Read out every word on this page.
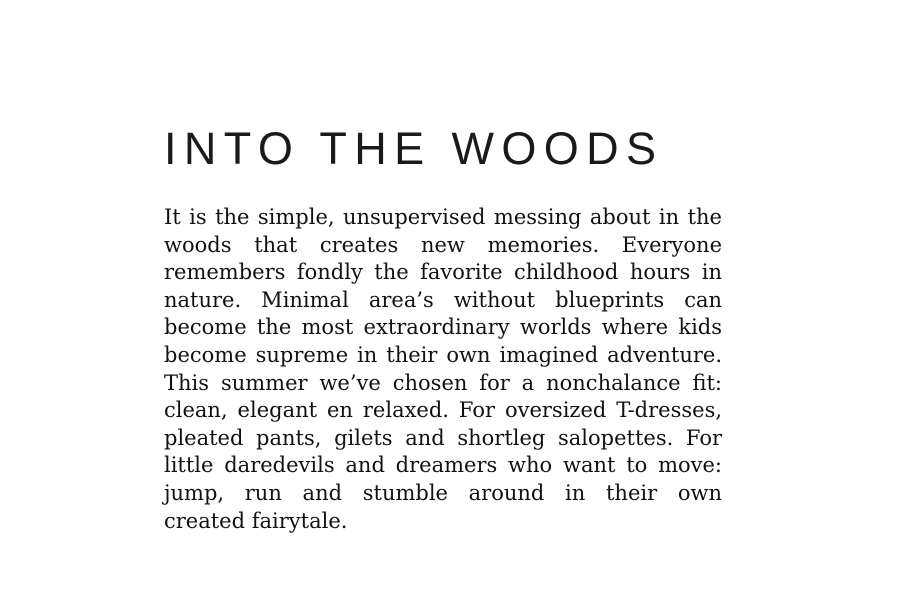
INTO THE WOODS
It is the simple, unsupervised messing about in the
woods that creates new memories. Everyone
remembers fondly the favorite childhood hours in
nature. Minimal area’s without blueprints can
become the most extraordinary worlds where kids
become supreme in their own imagined adventure.
This summer we’ve chosen for a nonchalance fit:
clean, elegant en relaxed. For oversized T-dresses,
pleated pants, gilets and shortleg salopettes. For
little daredevils and dreamers who want to move:
jump, run and stumble around in their own
created fairytale.
